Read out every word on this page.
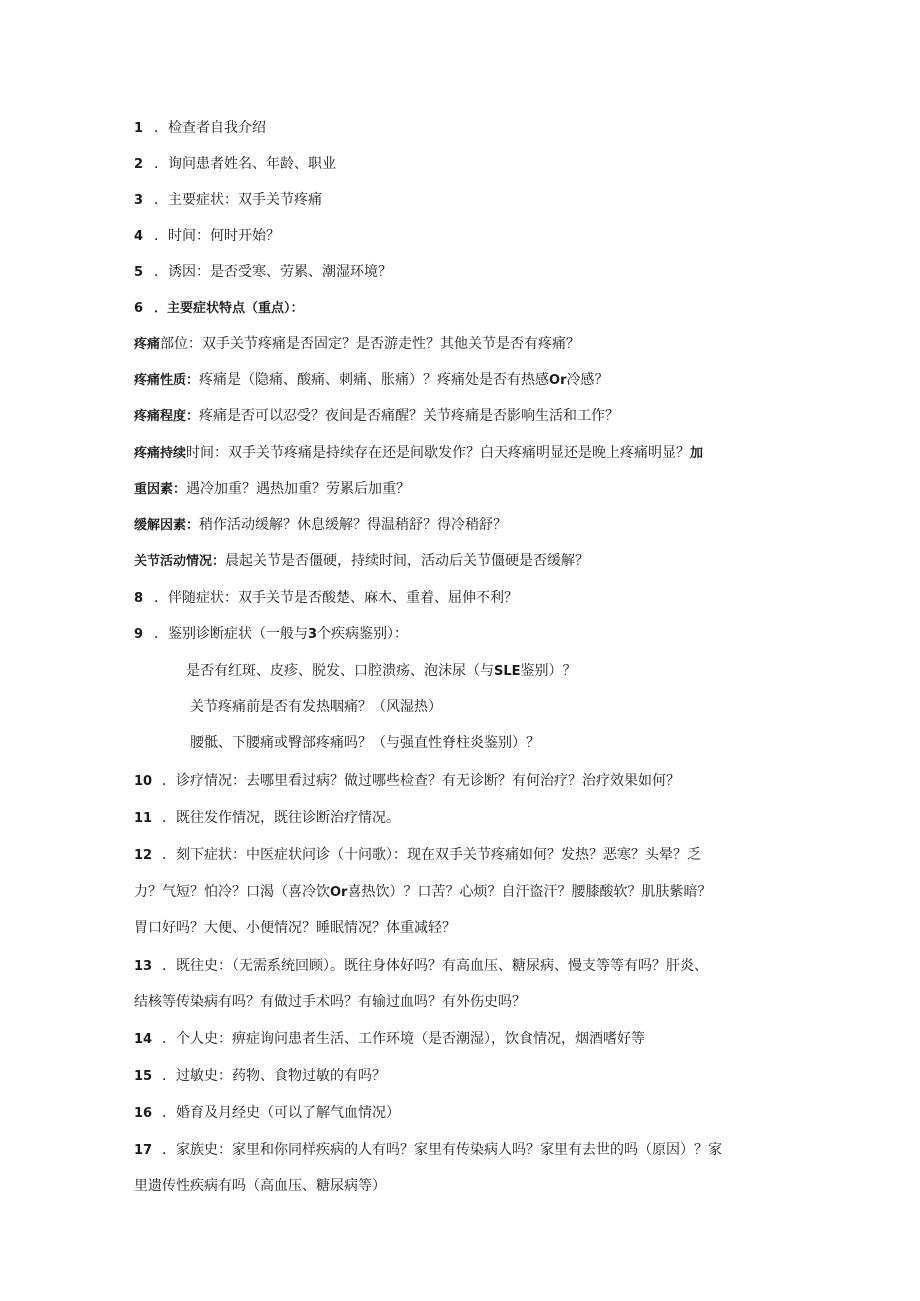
1 ．检查者自我介绍
2 ．询问患者姓名、年龄、职业
3 ．主要症状：双手关节疼痛
4 ．时间：何时开始？
5 ．诱因：是否受寒、劳累、潮湿环境？
6 ．主要症状特点（重点）：
疼痛部位：双手关节疼痛是否固定？是否游走性？其他关节是否有疼痛？
疼痛性质：疼痛是（隐痛、酸痛、刺痛、胀痛）？疼痛处是否有热感Or冷感？
疼痛程度：疼痛是否可以忍受？夜间是否痛醒？关节疼痛是否影响生活和工作？
疼痛持续时间：双手关节疼痛是持续存在还是间歇发作？白天疼痛明显还是晚上疼痛明显？加
重因素：遇冷加重？遇热加重？劳累后加重？
缓解因素：稍作活动缓解？休息缓解？得温稍舒？得冷稍舒？
关节活动情况：晨起关节是否僵硬，持续时间，活动后关节僵硬是否缓解？
8 ．伴随症状：双手关节是否酸楚、麻木、重着、屈伸不利？
9 ．鉴别诊断症状（一般与3个疾病鉴别）：
是否有红斑、皮疹、脱发、口腔溃疡、泡沫尿（与SLE鉴别）？
关节疼痛前是否有发热咽痛？（风湿热）
腰骶、下腰痛或臀部疼痛吗？（与强直性脊柱炎鉴别）？
10 ．诊疗情况：去哪里看过病？做过哪些检查？有无诊断？有何治疗？治疗效果如何？
11 ．既往发作情况，既往诊断治疗情况。
12 ．刻下症状：中医症状问诊（十问歌）：现在双手关节疼痛如何？发热？恶寒？头晕？乏
力？气短？怕冷？口渴（喜冷饮Or喜热饮）？口苦？心烦？自汗盗汗？腰膝酸软？肌肤紫暗？
胃口好吗？大便、小便情况？睡眠情况？体重减轻？
13 ．既往史：（无需系统回顾）。既往身体好吗？有高血压、糖尿病、慢支等等有吗？肝炎、
结核等传染病有吗？有做过手术吗？有输过血吗？有外伤史吗？
14 ．个人史：痹症询问患者生活、工作环境（是否潮湿），饮食情况，烟酒嗜好等
15 ．过敏史：药物、食物过敏的有吗？
16 ．婚育及月经史（可以了解气血情况）
17 ．家族史：家里和你同样疾病的人有吗？家里有传染病人吗？家里有去世的吗（原因）？家
里遗传性疾病有吗（高血压、糖尿病等）
